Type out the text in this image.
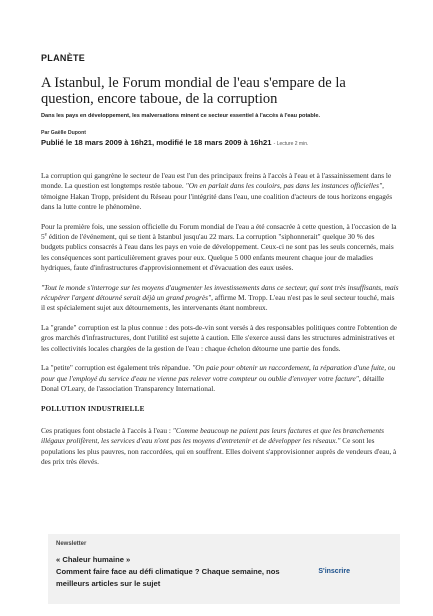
PLANÈTE

A Istanbul, le Forum mondial de l'eau s'empare de la question, encore taboue, de la corruption

Dans les pays en développement, les malversations minent ce secteur essentiel à l'accès à l'eau potable.

Par Gaëlle Dupont
Publié le 18 mars 2009 à 16h21, modifié le 18 mars 2009 à 16h21 - Lecture 2 min.

La corruption qui gangrène le secteur de l'eau est l'un des principaux freins à l'accès à l'eau et à l'assainissement dans le monde. La question est longtemps restée taboue. "On en parlait dans les couloirs, pas dans les instances officielles", témoigne Hakan Tropp, président du Réseau pour l'intégrité dans l'eau, une coalition d'acteurs de tous horizons engagés dans la lutte contre le phénomène.

Pour la première fois, une session officielle du Forum mondial de l'eau a été consacrée à cette question, à l'occasion de la 5e édition de l'événement, qui se tient à Istanbul jusqu'au 22 mars. La corruption "siphonnerait" quelque 30 % des budgets publics consacrés à l'eau dans les pays en voie de développement. Ceux-ci ne sont pas les seuls concernés, mais les conséquences sont particulièrement graves pour eux. Quelque 5 000 enfants meurent chaque jour de maladies hydriques, faute d'infrastructures d'approvisionnement et d'évacuation des eaux usées.

"Tout le monde s'interroge sur les moyens d'augmenter les investissements dans ce secteur, qui sont très insuffisants, mais récupérer l'argent détourné serait déjà un grand progrès", affirme M. Tropp. L'eau n'est pas le seul secteur touché, mais il est spécialement sujet aux détournements, les intervenants étant nombreux.

La "grande" corruption est la plus connue : des pots-de-vin sont versés à des responsables politiques contre l'obtention de gros marchés d'infrastructures, dont l'utilité est sujette à caution. Elle s'exerce aussi dans les structures administratives et les collectivités locales chargées de la gestion de l'eau : chaque échelon détourne une partie des fonds.

La "petite" corruption est également très répandue. "On paie pour obtenir un raccordement, la réparation d'une fuite, ou pour que l'employé du service d'eau ne vienne pas relever votre compteur ou oublie d'envoyer votre facture", détaille Donal O'Leary, de l'association Transparency International.

POLLUTION INDUSTRIELLE

Ces pratiques font obstacle à l'accès à l'eau : "Comme beaucoup ne paient pas leurs factures et que les branchements illégaux prolifèrent, les services d'eau n'ont pas les moyens d'entretenir et de développer les réseaux." Ce sont les populations les plus pauvres, non raccordées, qui en souffrent. Elles doivent s'approvisionner auprès de vendeurs d'eau, à des prix très élevés.

Newsletter

« Chaleur humaine »

Comment faire face au défi climatique ? Chaque semaine, nos meilleurs articles sur le sujet

S'inscrire
